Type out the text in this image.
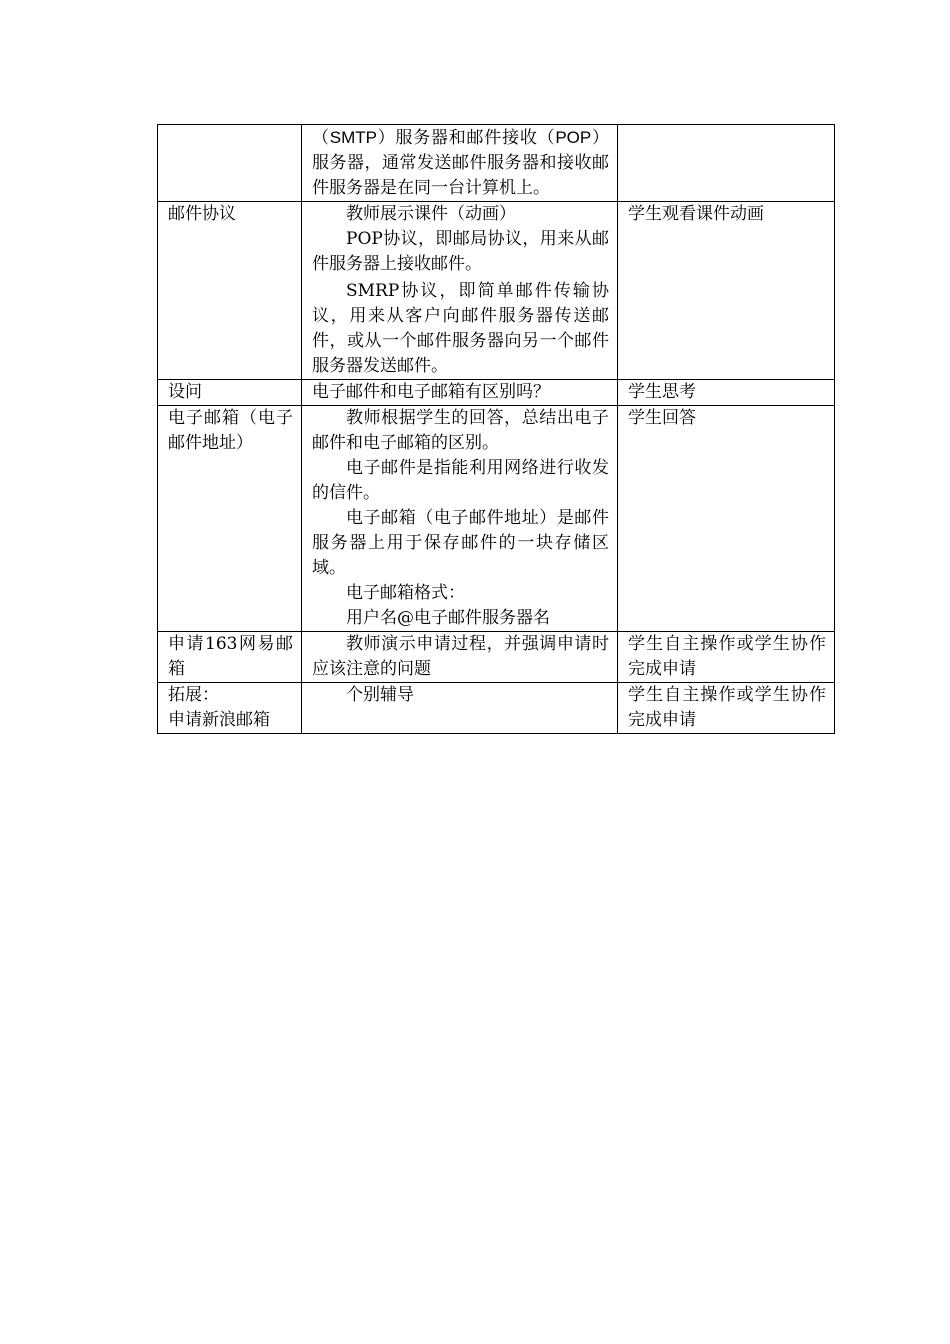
	（SMTP）服务器和邮件接收（POP）服务器，通常发送邮件服务器和接收邮件服务器是在同一台计算机上。	

邮件协议	教师展示课件（动画）

POP协议，即邮局协议，用来从邮件服务器上接收邮件。

SMRP协议，即简单邮件传输协议，用来从客户向邮件服务器传送邮件，或从一个邮件服务器向另一个邮件服务器发送邮件。	学生观看课件动画
设问	电子邮件和电子邮箱有区别吗？	学生思考

电子邮箱（电子邮件地址）	教师根据学生的回答，总结出电子邮件和电子邮箱的区别。

电子邮件是指能利用网络进行收发的信件。

电子邮箱（电子邮件地址）是邮件服务器上用于保存邮件的一块存储区域。

电子邮箱格式：

用户名@电子邮件服务器名	学生回答

申请163网易邮箱	教师演示申请过程，并强调申请时应该注意的问题	学生自主操作或学生协作完成申请

拓展：
申请新浪邮箱	个别辅导	学生自主操作或学生协作完成申请
